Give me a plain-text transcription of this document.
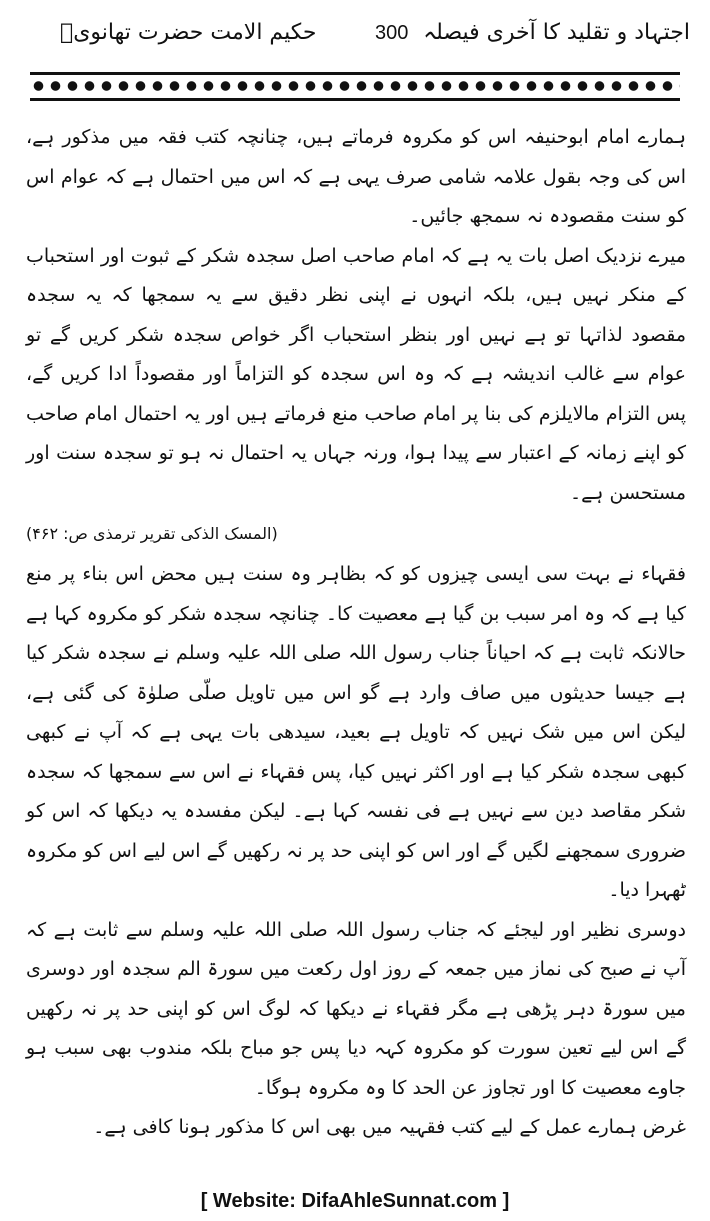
اجتہاد و تقلید کا آخری فیصلہ
300
حکیم الامت حضرت تھانویؒ

ہمارے امام ابوحنیفہ اس کو مکروہ فرماتے ہیں، چنانچہ کتب فقہ میں مذکور ہے، اس کی وجہ بقول علامہ شامی صرف یہی ہے کہ اس میں احتمال ہے کہ عوام اس کو سنت مقصودہ نہ سمجھ جائیں۔

میرے نزدیک اصل بات یہ ہے کہ امام صاحب اصل سجدہ شکر کے ثبوت اور استحباب کے منکر نہیں ہیں، بلکہ انہوں نے اپنی نظر دقیق سے یہ سمجھا کہ یہ سجدہ مقصود لذاتہا تو ہے نہیں اور بنظر استحباب اگر خواص سجدہ شکر کریں گے تو عوام سے غالب اندیشہ ہے کہ وہ اس سجدہ کو التزاماً اور مقصوداً ادا کریں گے، پس التزام مالایلزم کی بنا پر امام صاحب منع فرماتے ہیں اور یہ احتمال امام صاحب کو اپنے زمانہ کے اعتبار سے پیدا ہوا، ورنہ جہاں یہ احتمال نہ ہو تو سجدہ سنت اور مستحسن ہے۔

(المسک الذکی تقریر ترمذی ص: ۴۶۲)

فقہاء نے بہت سی ایسی چیزوں کو کہ بظاہر وہ سنت ہیں محض اس بناء پر منع کیا ہے کہ وہ امر سبب بن گیا ہے معصیت کا۔ چنانچہ سجدہ شکر کو مکروہ کہا ہے حالانکہ ثابت ہے کہ احیاناً جناب رسول اللہ صلی اللہ علیہ وسلم نے سجدہ شکر کیا ہے جیسا حدیثوں میں صاف وارد ہے گو اس میں تاویل صلّی صلوٰۃ کی گئی ہے، لیکن اس میں شک نہیں کہ تاویل ہے بعید، سیدھی بات یہی ہے کہ آپ نے کبھی کبھی سجدہ شکر کیا ہے اور اکثر نہیں کیا، پس فقہاء نے اس سے سمجھا کہ سجدہ شکر مقاصد دین سے نہیں ہے فی نفسہ کہا ہے۔ لیکن مفسدہ یہ دیکھا کہ اس کو ضروری سمجھنے لگیں گے اور اس کو اپنی حد پر نہ رکھیں گے اس لیے اس کو مکروہ ٹھہرا دیا۔

دوسری نظیر اور لیجئے کہ جناب رسول اللہ صلی اللہ علیہ وسلم سے ثابت ہے کہ آپ نے صبح کی نماز میں جمعہ کے روز اول رکعت میں سورۃ الم سجدہ اور دوسری میں سورۃ دہر پڑھی ہے مگر فقہاء نے دیکھا کہ لوگ اس کو اپنی حد پر نہ رکھیں گے اس لیے تعین سورت کو مکروہ کہہ دیا پس جو مباح بلکہ مندوب بھی سبب ہو جاوے معصیت کا اور تجاوز عن الحد کا وہ مکروہ ہوگا۔

غرض ہمارے عمل کے لیے کتب فقہیہ میں بھی اس کا مذکور ہونا کافی ہے۔

[ Website: DifaAhleSunnat.com ]
